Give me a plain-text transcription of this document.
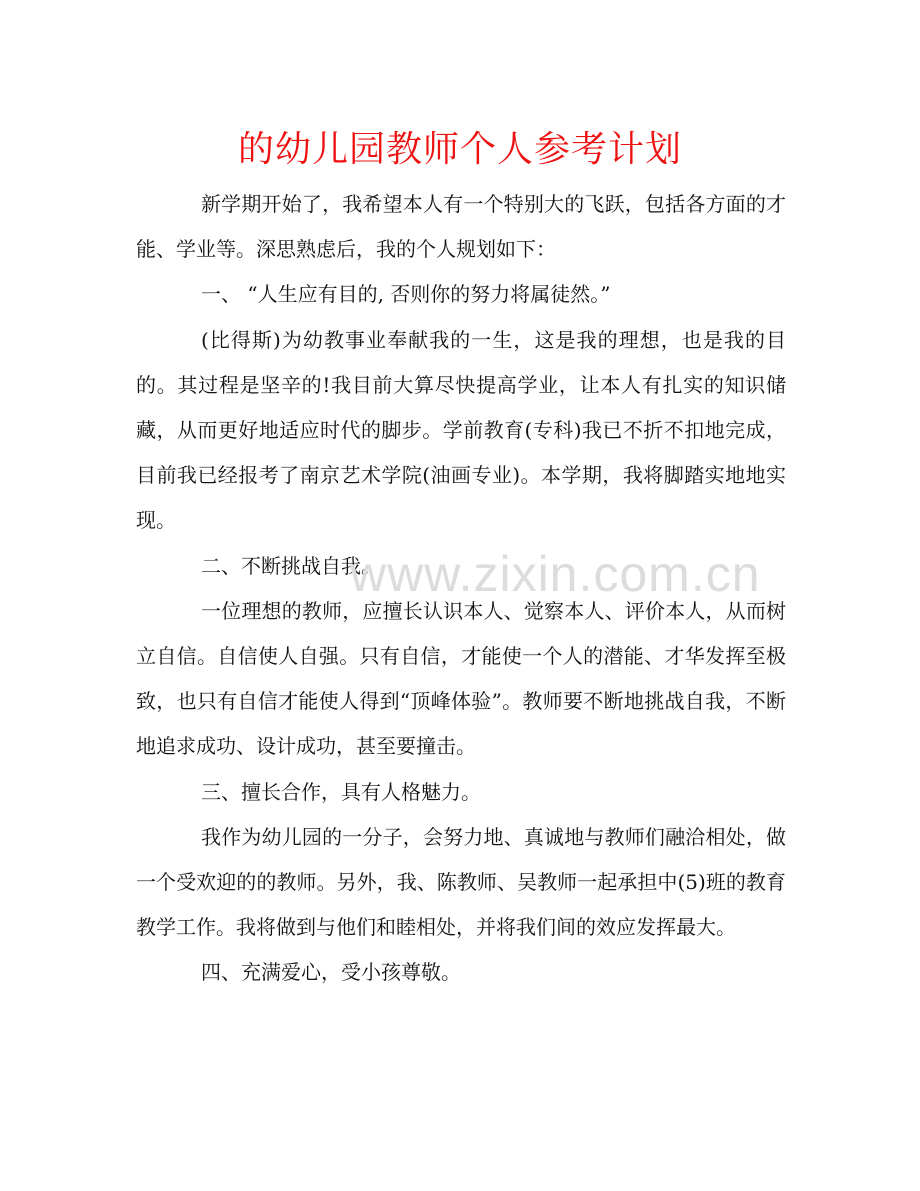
的幼儿园教师个人参考计划

新学期开始了，我希望本人有一个特别大的飞跃，包括各方面的才能、学业等。深思熟虑后，我的个人规划如下：

一、 “人生应有目的, 否则你的努力将属徒然。”

(比得斯)为幼教事业奉献我的一生，这是我的理想，也是我的目的。其过程是坚辛的!我目前大算尽快提高学业，让本人有扎实的知识储藏，从而更好地适应时代的脚步。学前教育(专科)我已不折不扣地完成，目前我已经报考了南京艺术学院(油画专业)。本学期，我将脚踏实地地实现。

二、不断挑战自我。

一位理想的教师，应擅长认识本人、觉察本人、评价本人，从而树立自信。自信使人自强。只有自信，才能使一个人的潜能、才华发挥至极致，也只有自信才能使人得到“顶峰体验”。教师要不断地挑战自我，不断地追求成功、设计成功，甚至要撞击。

三、擅长合作，具有人格魅力。

我作为幼儿园的一分子，会努力地、真诚地与教师们融洽相处，做一个受欢迎的的教师。另外，我、陈教师、吴教师一起承担中(5)班的教育教学工作。我将做到与他们和睦相处，并将我们间的效应发挥最大。

四、充满爱心，受小孩尊敬。

www.zixin.com.cn
